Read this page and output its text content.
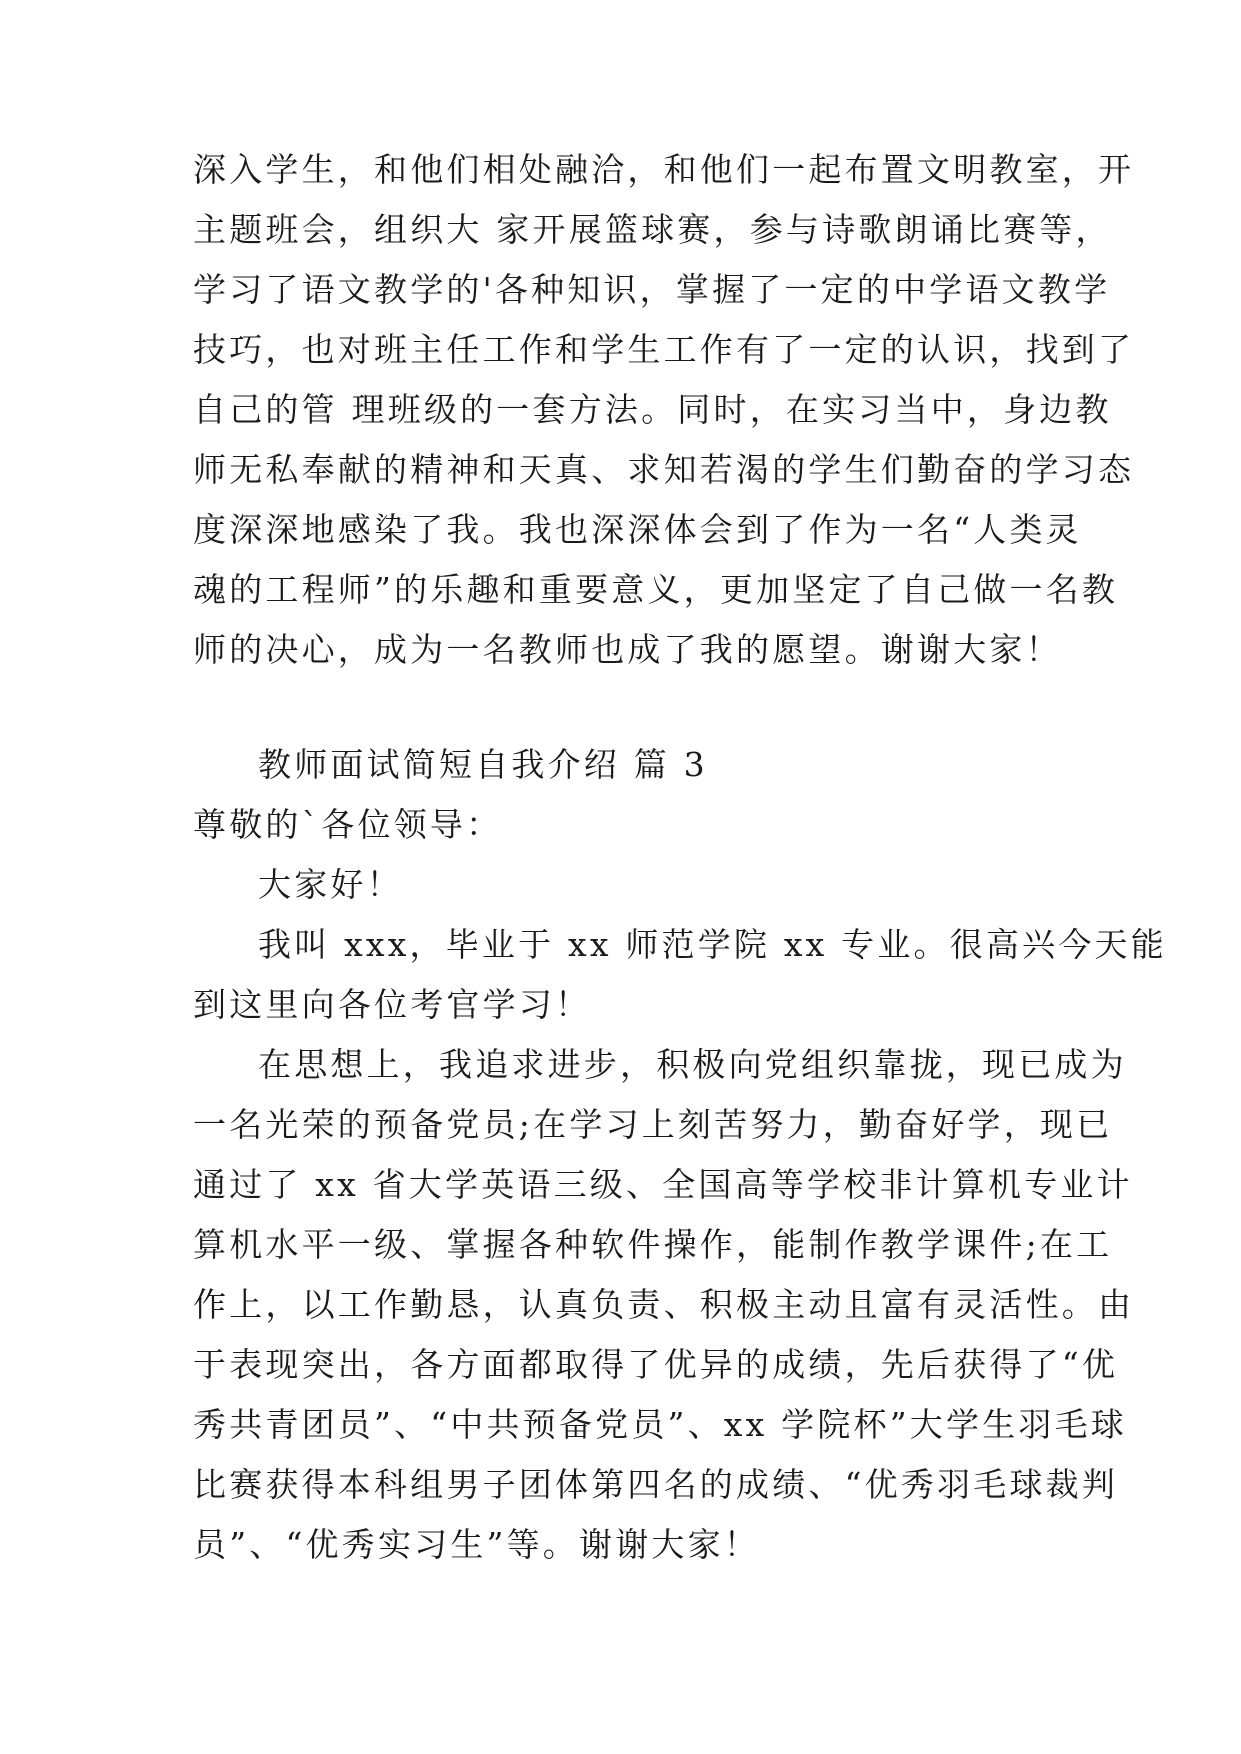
深入学生，和他们相处融洽，和他们一起布置文明教室，开
主题班会，组织大 家开展篮球赛，参与诗歌朗诵比赛等，
学习了语文教学的'各种知识，掌握了一定的中学语文教学
技巧，也对班主任工作和学生工作有了一定的认识，找到了
自己的管 理班级的一套方法。同时，在实习当中，身边教
师无私奉献的精神和天真、求知若渴的学生们勤奋的学习态
度深深地感染了我。我也深深体会到了作为一名“人类灵
魂的工程师”的乐趣和重要意义，更加坚定了自己做一名教
师的决心，成为一名教师也成了我的愿望。谢谢大家！
教师面试简短自我介绍 篇 3
尊敬的`各位领导：
大家好！
我叫 xxx，毕业于 xx 师范学院 xx 专业。很高兴今天能
到这里向各位考官学习！
在思想上，我追求进步，积极向党组织靠拢，现已成为
一名光荣的预备党员;在学习上刻苦努力，勤奋好学，现已
通过了 xx 省大学英语三级、全国高等学校非计算机专业计
算机水平一级、掌握各种软件操作，能制作教学课件;在工
作上，以工作勤恳，认真负责、积极主动且富有灵活性。由
于表现突出，各方面都取得了优异的成绩，先后获得了“优
秀共青团员”、“中共预备党员”、xx 学院杯”大学生羽毛球
比赛获得本科组男子团体第四名的成绩、“优秀羽毛球裁判
员”、“优秀实习生”等。谢谢大家！
